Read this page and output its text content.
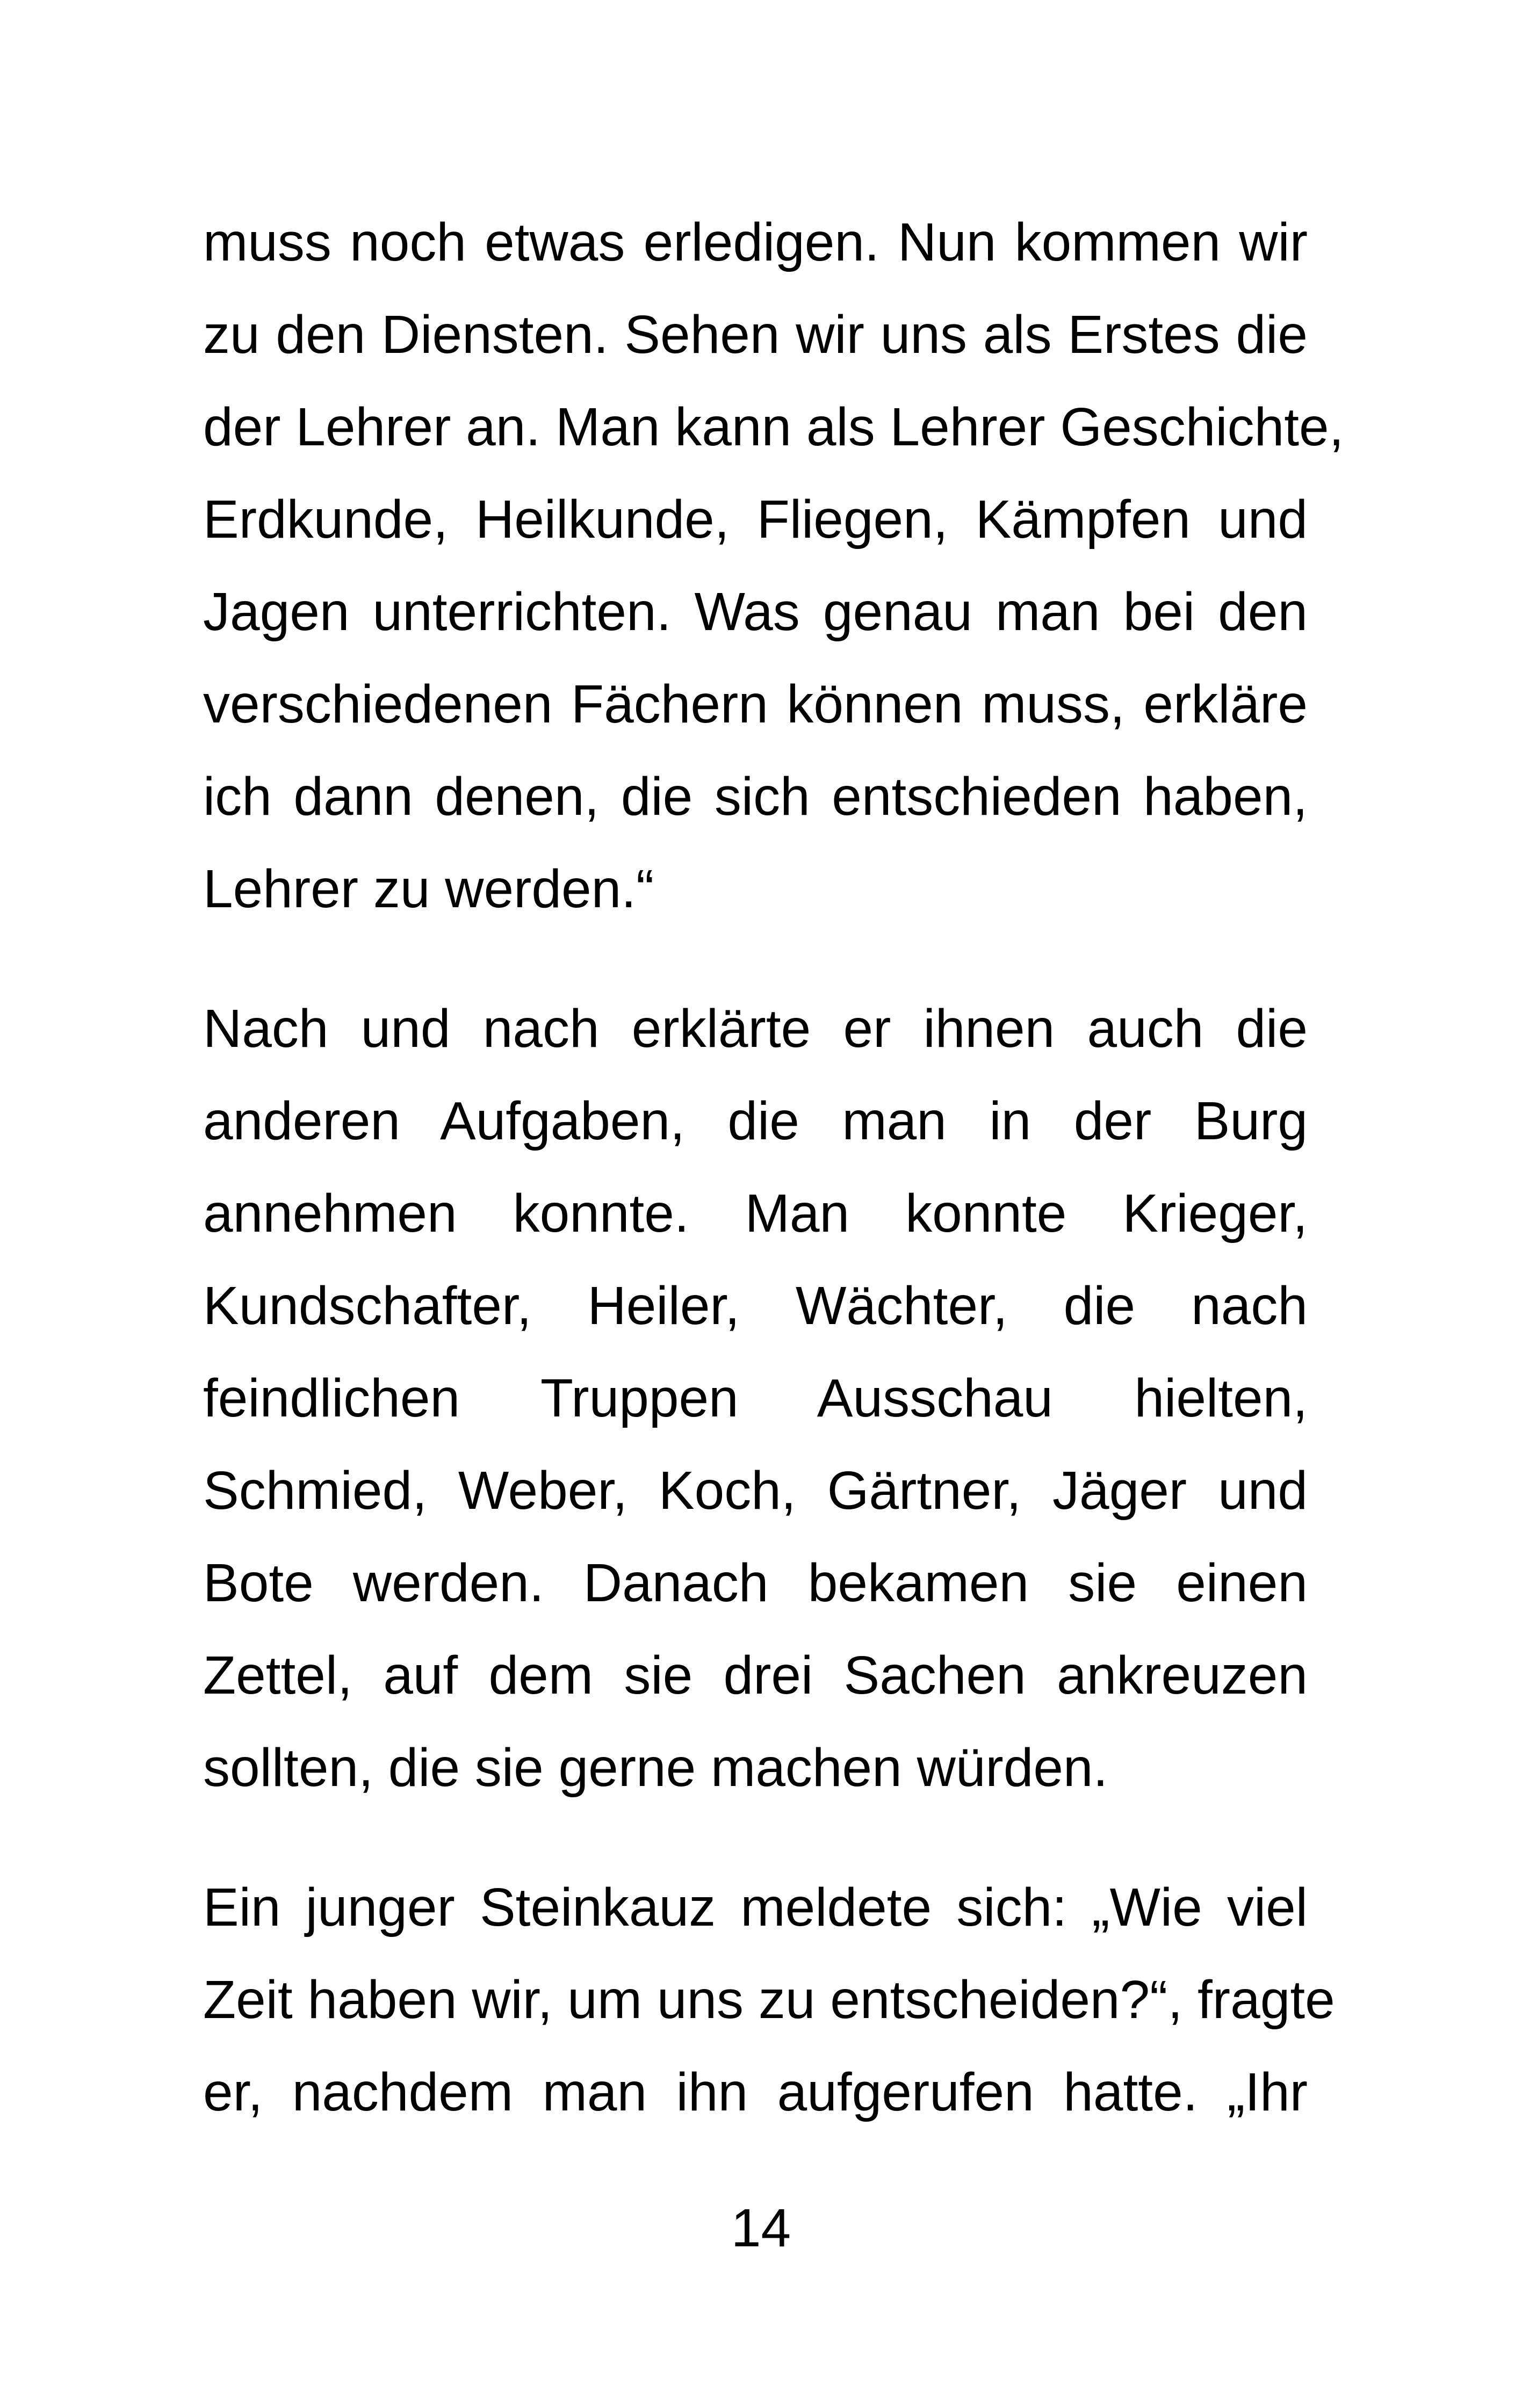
muss noch etwas erledigen. Nun kommen wir
zu den Diensten. Sehen wir uns als Erstes die
der Lehrer an. Man kann als Lehrer Geschichte,
Erdkunde, Heilkunde, Fliegen, Kämpfen und
Jagen unterrichten. Was genau man bei den
verschiedenen Fächern können muss, erkläre
ich dann denen, die sich entschieden haben,
Lehrer zu werden.“

Nach und nach erklärte er ihnen auch die
anderen Aufgaben, die man in der Burg
annehmen konnte. Man konnte Krieger,
Kundschafter, Heiler, Wächter, die nach
feindlichen Truppen Ausschau hielten,
Schmied, Weber, Koch, Gärtner, Jäger und
Bote werden. Danach bekamen sie einen
Zettel, auf dem sie drei Sachen ankreuzen
sollten, die sie gerne machen würden.

Ein junger Steinkauz meldete sich: „Wie viel
Zeit haben wir, um uns zu entscheiden?“, fragte
er, nachdem man ihn aufgerufen hatte. „Ihr

14
